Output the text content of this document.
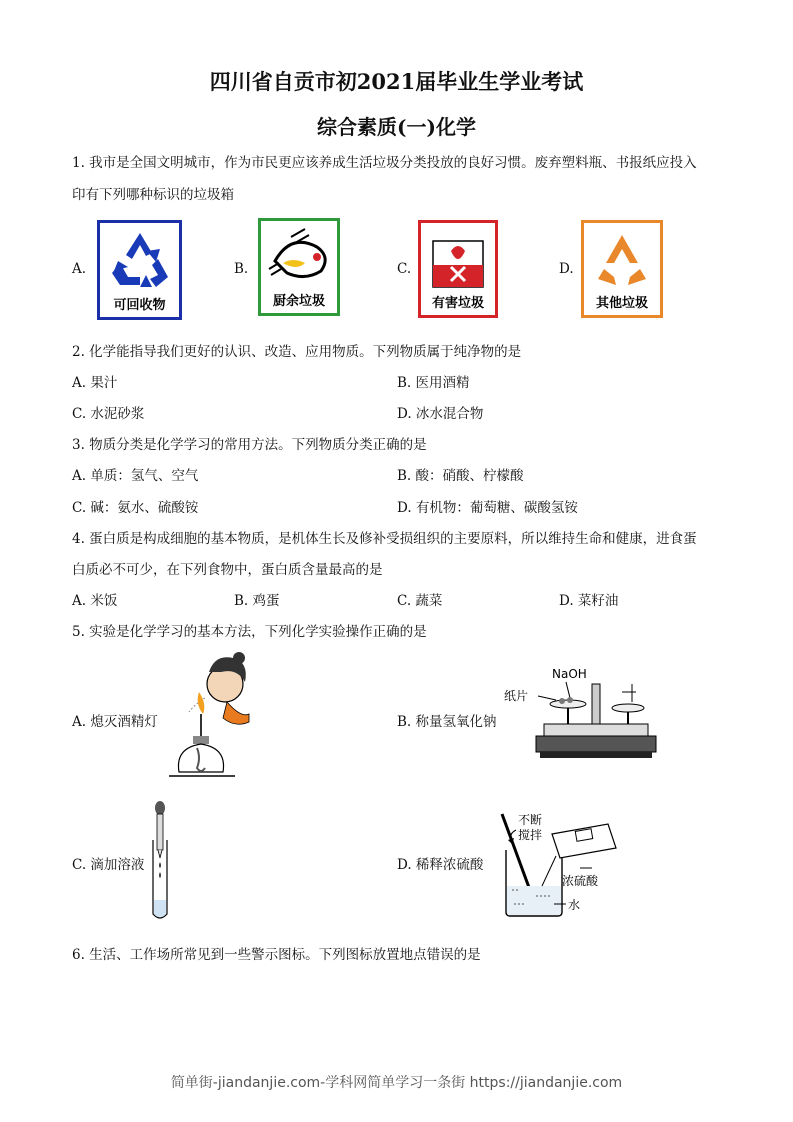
四川省自贡市初2021届毕业生学业考试
综合素质(一)化学
1. 我市是全国文明城市，作为市民更应该养成生活垃圾分类投放的良好习惯。废弃塑料瓶、书报纸应投入
印有下列哪种标识的垃圾箱
A.
可回收物
B.
厨余垃圾
C.
有害垃圾
D.
其他垃圾
2. 化学能指导我们更好的认识、改造、应用物质。下列物质属于纯净物的是
A. 果汁	B. 医用酒精
C. 水泥砂浆	D. 冰水混合物
3. 物质分类是化学学习的常用方法。下列物质分类正确的是
A. 单质：氢气、空气	B. 酸：硝酸、柠檬酸
C. 碱：氨水、硫酸铵	D. 有机物：葡萄糖、碳酸氢铵
4. 蛋白质是构成细胞的基本物质，是机体生长及修补受损组织的主要原料，所以维持生命和健康，进食蛋
白质必不可少，在下列食物中，蛋白质含量最高的是
A. 米饭	B. 鸡蛋	C. 蔬菜	D. 菜籽油
5. 实验是化学学习的基本方法，下列化学实验操作正确的是
A. 熄灭酒精灯	B. 称量氢氧化钠
NaOH
纸片
C. 滴加溶液	D. 稀释浓硫酸
不断
搅拌
浓硫酸
水
6. 生活、工作场所常见到一些警示图标。下列图标放置地点错误的是
简单街-jiandanjie.com-学科网简单学习一条街 https://jiandanjie.com
